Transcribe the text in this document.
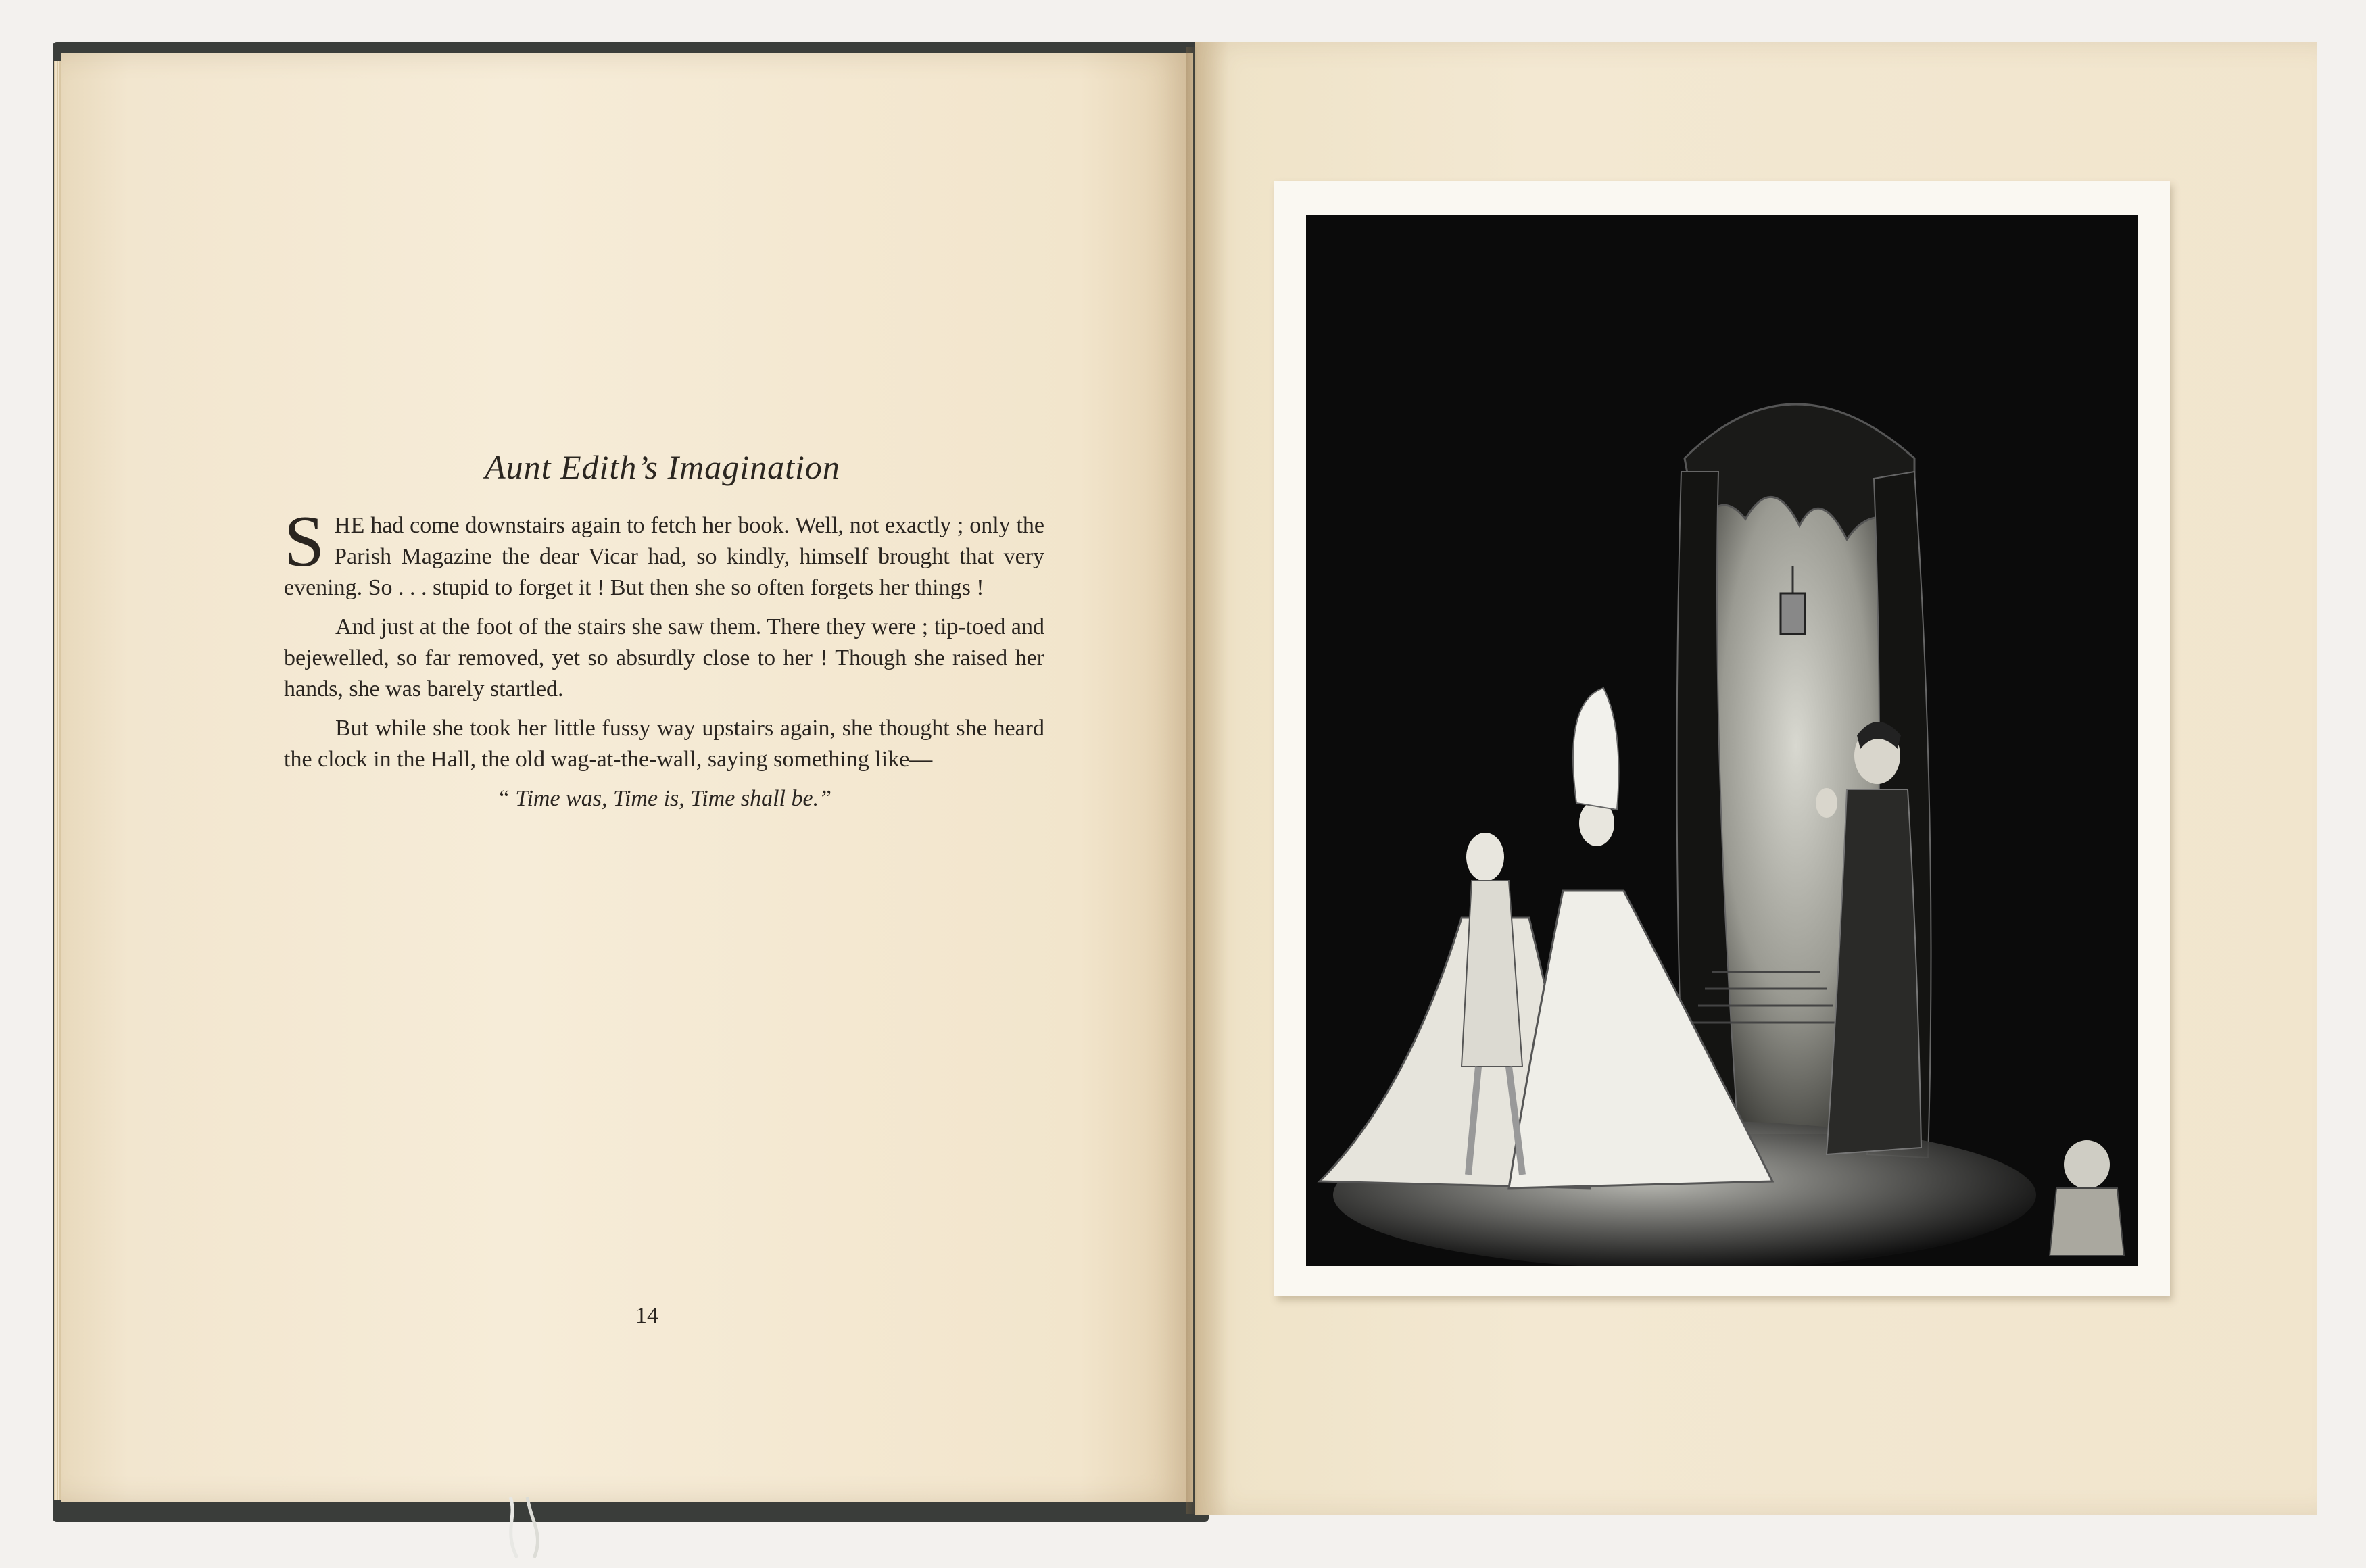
Aunt Edith’s Imagination

SHE had come downstairs again to fetch her book. Well, not exactly ; only the Parish Magazine the dear Vicar had, so kindly, himself brought that very evening. So . . . stupid to forget it ! But then she so often forgets her things !

And just at the foot of the stairs she saw them. There they were ; tip-toed and bejewelled, so far removed, yet so absurdly close to her ! Though she raised her hands, she was barely startled.

But while she took her little fussy way upstairs again, she thought she heard the clock in the Hall, the old wag-at-the-wall, saying something like—

“ Time was, Time is, Time shall be.”

14
